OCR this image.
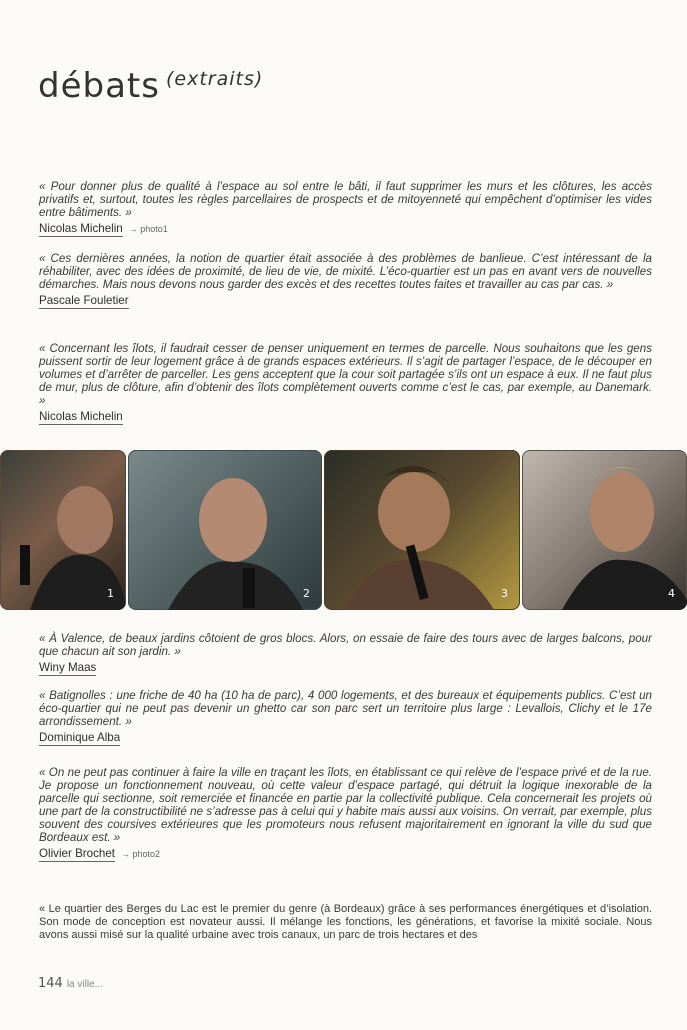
débats $^{(extraits)}$

« Pour donner plus de qualité à l’espace au sol entre le bâti, il faut supprimer les murs et les clôtures, les accès privatifs et, surtout, toutes les règles parcellaires de prospects et de mitoyenneté qui empêchent d’optimiser les vides entre bâtiments. »

Nicolas Michelin → photo1

« Ces dernières années, la notion de quartier était associée à des problèmes de banlieue. C’est intéressant de la réhabiliter, avec des idées de proximité, de lieu de vie, de mixité. L’éco-quartier est un pas en avant vers de nouvelles démarches. Mais nous devons nous garder des excès et des recettes toutes faites et travailler au cas par cas. »

Pascale Fouletier

« Concernant les îlots, il faudrait cesser de penser uniquement en termes de parcelle. Nous souhaitons que les gens puissent sortir de leur logement grâce à de grands espaces extérieurs. Il s’agit de partager l’espace, de le découper en volumes et d’arrêter de parceller. Les gens acceptent que la cour soit partagée s’ils ont un espace à eux. Il ne faut plus de mur, plus de clôture, afin d’obtenir des îlots complètement ouverts comme c’est le cas, par exemple, au Danemark. »

Nicolas Michelin
1	2	3	4

« À Valence, de beaux jardins côtoient de gros blocs. Alors, on essaie de faire des tours avec de larges balcons, pour que chacun ait son jardin. »

Winy Maas

« Batignolles : une friche de 40 ha (10 ha de parc), 4 000 logements, et des bureaux et équipements publics. C’est un éco-quartier qui ne peut pas devenir un ghetto car son parc sert un territoire plus large : Levallois, Clichy et le 17e arrondissement. »

Dominique Alba

« On ne peut pas continuer à faire la ville en traçant les îlots, en établissant ce qui relève de l’espace privé et de la rue. Je propose un fonctionnement nouveau, où cette valeur d’espace partagé, qui détruit la logique inexorable de la parcelle qui sectionne, soit remerciée et financée en partie par la collectivité publique. Cela concernerait les projets où une part de la constructibilité ne s’adresse pas à celui qui y habite mais aussi aux voisins. On verrait, par exemple, plus souvent des coursives extérieures que les promoteurs nous refusent majoritairement en ignorant la ville du sud que Bordeaux est. »

Olivier Brochet → photo2

« Le quartier des Berges du Lac est le premier du genre (à Bordeaux) grâce à ses performances énergétiques et d’isolation. Son mode de conception est novateur aussi. Il mélange les fonctions, les générations, et favorise la mixité sociale. Nous avons aussi misé sur la qualité urbaine avec trois canaux, un parc de trois hectares et des

144 la ville...
